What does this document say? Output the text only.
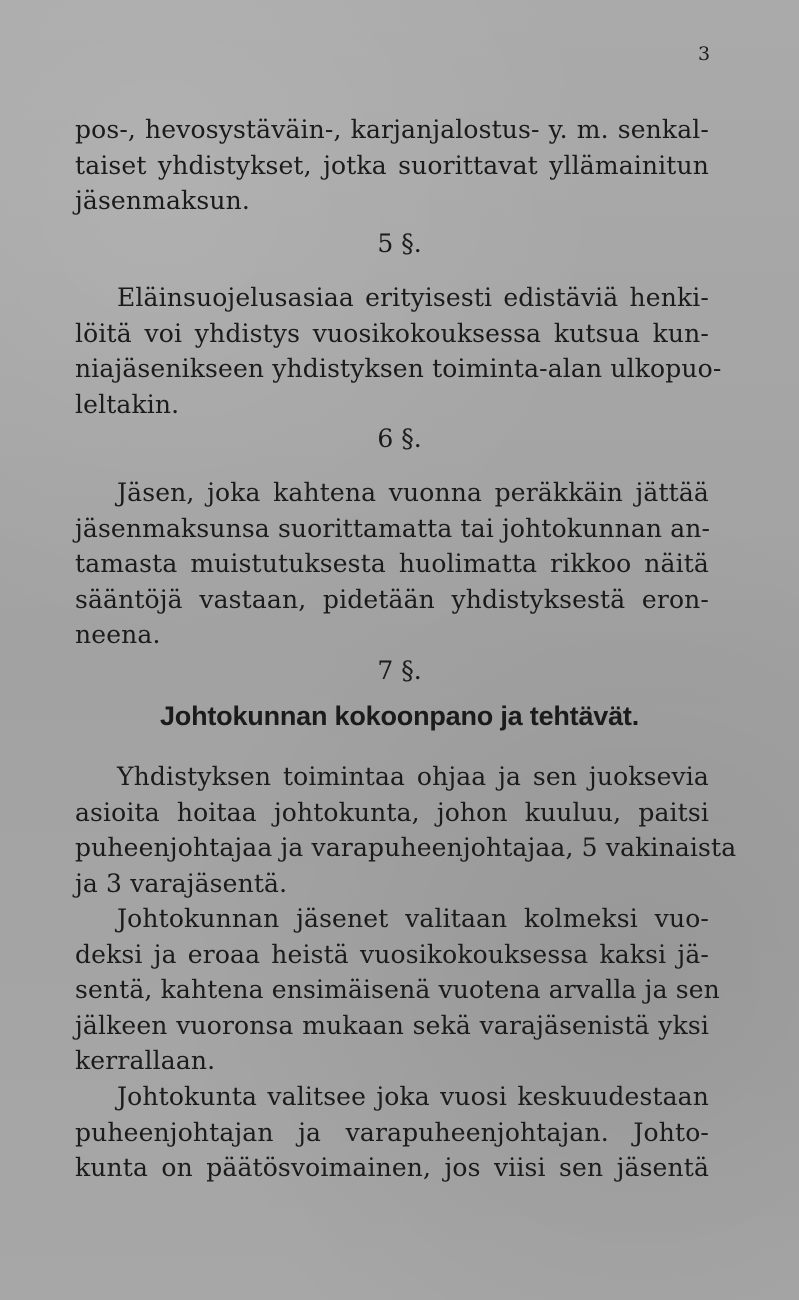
3
pos-, hevosystäväin-, karjanjalostus- y. m. senkal-
taiset yhdistykset, jotka suorittavat yllämainitun
jäsenmaksun.
5 §.
Eläinsuojelusasiaa erityisesti edistäviä henki-
löitä voi yhdistys vuosikokouksessa kutsua kun-
niajäsenikseen yhdistyksen toiminta-alan ulkopuo-
leltakin.
6 §.
Jäsen, joka kahtena vuonna peräkkäin jättää
jäsenmaksunsa suorittamatta tai johtokunnan an-
tamasta muistutuksesta huolimatta rikkoo näitä
sääntöjä vastaan, pidetään yhdistyksestä eron-
neena.
7 §.
Johtokunnan kokoonpano ja tehtävät.
Yhdistyksen toimintaa ohjaa ja sen juoksevia
asioita hoitaa johtokunta, johon kuuluu, paitsi
puheenjohtajaa ja varapuheenjohtajaa, 5 vakinaista
ja 3 varajäsentä.
Johtokunnan jäsenet valitaan kolmeksi vuo-
deksi ja eroaa heistä vuosikokouksessa kaksi jä-
sentä, kahtena ensimäisenä vuotena arvalla ja sen
jälkeen vuoronsa mukaan sekä varajäsenistä yksi
kerrallaan.
Johtokunta valitsee joka vuosi keskuudestaan
puheenjohtajan ja varapuheenjohtajan. Johto-
kunta on päätösvoimainen, jos viisi sen jäsentä
